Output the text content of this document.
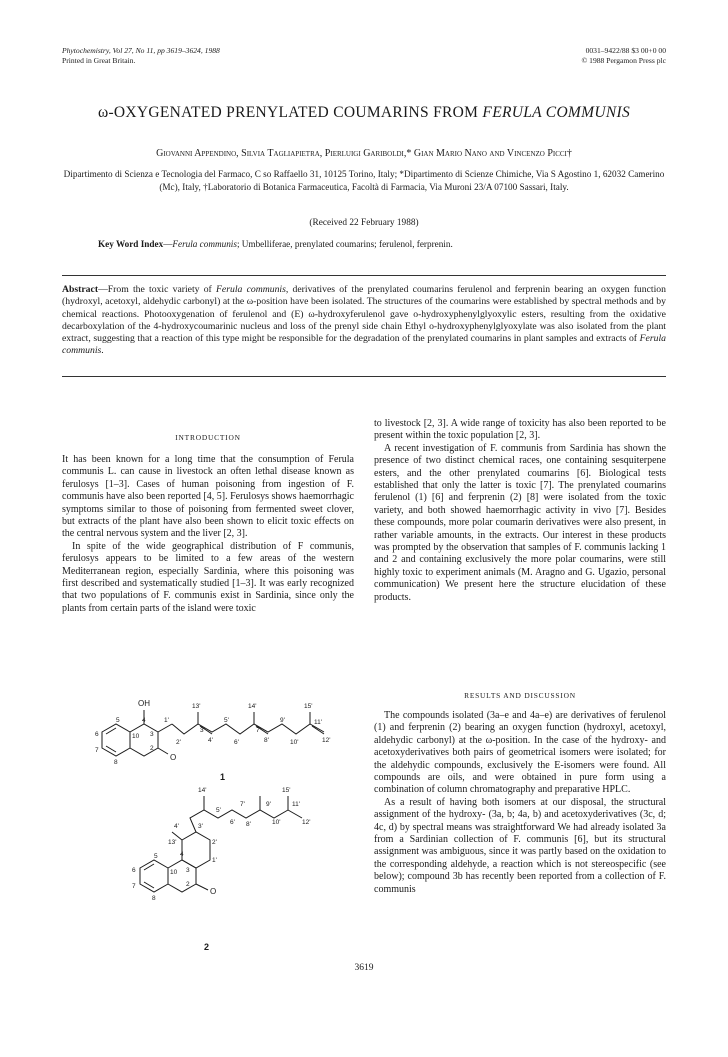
Phytochemistry, Vol 27, No 11, pp 3619–3624, 1988
Printed in Great Britain.
0031–9422/88 $3 00+0 00
© 1988 Pergamon Press plc
ω-OXYGENATED PRENYLATED COUMARINS FROM FERULA COMMUNIS
Giovanni Appendino, Silvia Tagliapietra, Pierluigi Gariboldi,* Gian Mario Nano and Vincenzo Picci†
Dipartimento di Scienza e Tecnologia del Farmaco, C so Raffaello 31, 10125 Torino, Italy; *Dipartimento di Scienze Chimiche, Via S Agostino 1, 62032 Camerino (Mc), Italy, †Laboratorio di Botanica Farmaceutica, Facoltà di Farmacia, Via Muroni 23/A 07100 Sassari, Italy.
(Received 22 February 1988)
Key Word Index—Ferula communis; Umbelliferae, prenylated coumarins; ferulenol, ferprenin.
Abstract—From the toxic variety of Ferula communis, derivatives of the prenylated coumarins ferulenol and ferprenin bearing an oxygen function (hydroxyl, acetoxyl, aldehydic carbonyl) at the ω-position have been isolated. The structures of the coumarins were established by spectral methods and by chemical reactions. Photooxygenation of ferulenol and (E) ω-hydroxyferulenol gave o-hydroxyphenylglyoxylic esters, resulting from the oxidative decarboxylation of the 4-hydroxycoumarinic nucleus and loss of the prenyl side chain Ethyl o-hydroxyphenylglyoxylate was also isolated from the plant extract, suggesting that a reaction of this type might be responsible for the degradation of the prenylated coumarins in plant samples and extracts of Ferula communis.
INTRODUCTION

It has been known for a long time that the consumption of Ferula communis L. can cause in livestock an often lethal disease known as ferulosys [1–3]. Cases of human poisoning from ingestion of F. communis have also been reported [4, 5]. Ferulosys shows haemorrhagic symptoms similar to those of poisoning from fermented sweet clover, but extracts of the plant have also been shown to elicit toxic effects on the central nervous system and the liver [2, 3].

In spite of the wide geographical distribution of F communis, ferulosys appears to be limited to a few areas of the western Mediterranean region, especially Sardinia, where this poisoning was first described and systematically studied [1–3]. It was early recognized that two populations of F. communis exist in Sardinia, since only the plants from certain parts of the island were toxic

to livestock [2, 3]. A wide range of toxicity has also been reported to be present within the toxic population [2, 3].

A recent investigation of F. communis from Sardinia has shown the presence of two distinct chemical races, one containing sesquiterpene esters, and the other prenylated coumarins [6]. Biological tests established that only the latter is toxic [7]. The prenylated coumarins ferulenol (1) [6] and ferprenin (2) [8] were isolated from the toxic variety, and both showed haemorrhagic activity in vivo [7]. Besides these compounds, more polar coumarin derivatives were also present, in rather variable amounts, in the extracts. Our interest in these products was prompted by the observation that samples of F. communis lacking 1 and 2 and containing exclusively the more polar coumarins, were still highly toxic to experiment animals (M. Aragno and G. Ugazio, personal communication) We present here the structure elucidation of these products.

RESULTS AND DISCUSSION

The compounds isolated (3a–e and 4a–e) are derivatives of ferulenol (1) and ferprenin (2) bearing an oxygen function (hydroxyl, acetoxyl, aldehydic carbonyl) at the ω-position. In the case of the hydroxy- and acetoxyderivatives both pairs of geometrical isomers were isolated; for the aldehydic compounds, exclusively the E-isomers were found. All compounds are oils, and were obtained in pure form using a combination of column chromatography and preparative HPLC.

As a result of having both isomers at our disposal, the structural assignment of the hydroxy- (3a, b; 4a, b) and acetoxyderivatives (3c, d; 4c, d) by spectral means was straightforward We had already isolated 3a from a Sardinian collection of F. communis [6], but its structural assignment was ambiguous, since it was partly based on the oxidation to the corresponding aldehyde, a reaction which is not stereospecific (see below); compound 3b has recently been reported from a collection of F. communis

OH
O
4
5
6
7
8
10
2
3
1'
2'
3'
4'
5'
6'
7'
8'
9'
10'
11'
12'
13'	14'	15'
O
4
5
6
7
8
10
2
3
1'
2'
3'
4'
5'
6'
7'
8'
9'
10'
11'
12'
13'
14'	15'
1
2
3619
